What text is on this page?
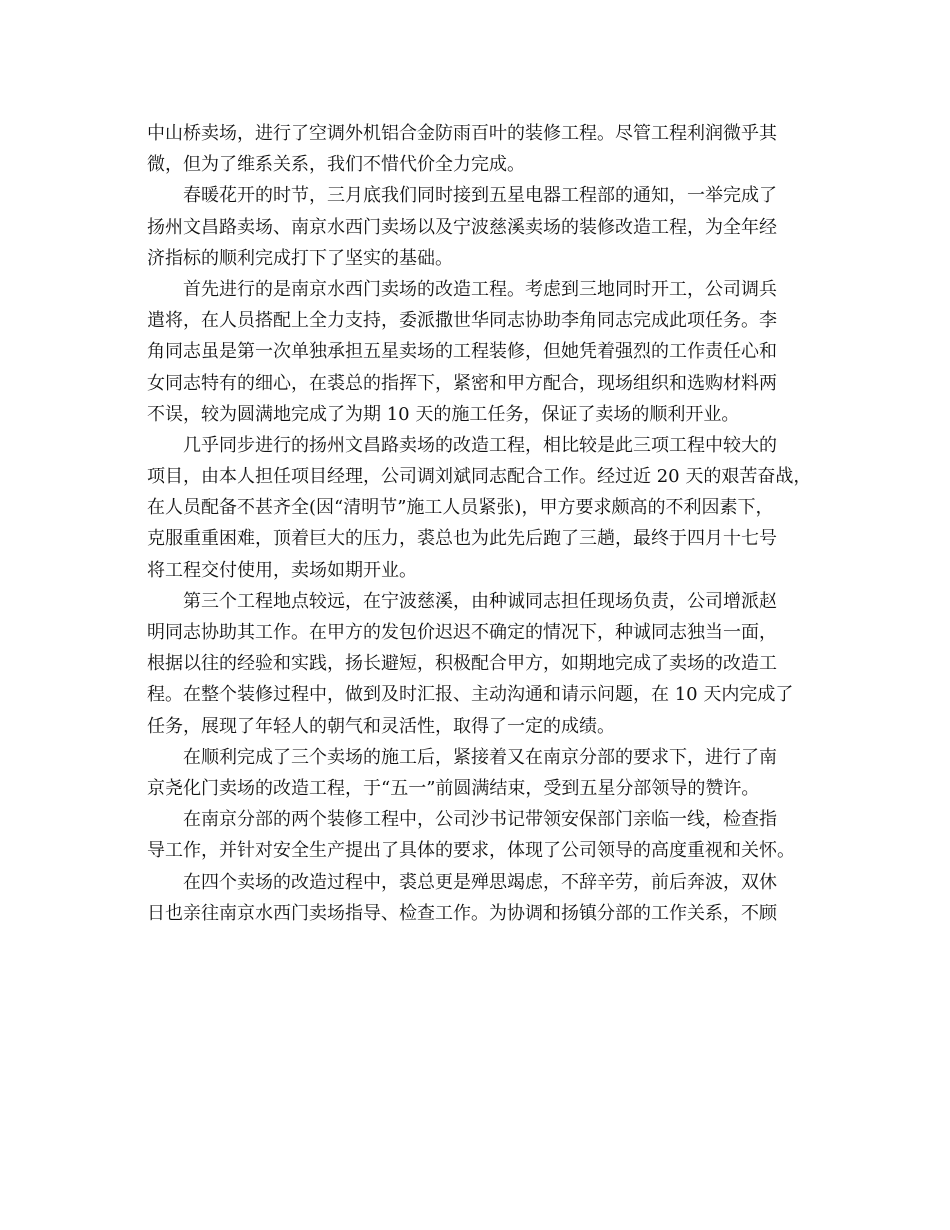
中山桥卖场，进行了空调外机铝合金防雨百叶的装修工程。尽管工程利润微乎其
微，但为了维系关系，我们不惜代价全力完成。
春暖花开的时节，三月底我们同时接到五星电器工程部的通知，一举完成了
扬州文昌路卖场、南京水西门卖场以及宁波慈溪卖场的装修改造工程，为全年经
济指标的顺利完成打下了坚实的基础。
首先进行的是南京水西门卖场的改造工程。考虑到三地同时开工，公司调兵
遣将，在人员搭配上全力支持，委派撒世华同志协助李角同志完成此项任务。李
角同志虽是第一次单独承担五星卖场的工程装修，但她凭着强烈的工作责任心和
女同志特有的细心，在裘总的指挥下，紧密和甲方配合，现场组织和选购材料两
不误，较为圆满地完成了为期 10 天的施工任务，保证了卖场的顺利开业。
几乎同步进行的扬州文昌路卖场的改造工程，相比较是此三项工程中较大的
项目，由本人担任项目经理，公司调刘斌同志配合工作。经过近 20 天的艰苦奋战，
在人员配备不甚齐全(因“清明节”施工人员紧张)，甲方要求颇高的不利因素下，
克服重重困难，顶着巨大的压力，裘总也为此先后跑了三趟，最终于四月十七号
将工程交付使用，卖场如期开业。
第三个工程地点较远，在宁波慈溪，由种诚同志担任现场负责，公司增派赵
明同志协助其工作。在甲方的发包价迟迟不确定的情况下，种诚同志独当一面，
根据以往的经验和实践，扬长避短，积极配合甲方，如期地完成了卖场的改造工
程。在整个装修过程中，做到及时汇报、主动沟通和请示问题，在 10 天内完成了
任务，展现了年轻人的朝气和灵活性，取得了一定的成绩。
在顺利完成了三个卖场的施工后，紧接着又在南京分部的要求下，进行了南
京尧化门卖场的改造工程，于“五一”前圆满结束，受到五星分部领导的赞许。
在南京分部的两个装修工程中，公司沙书记带领安保部门亲临一线，检查指
导工作，并针对安全生产提出了具体的要求，体现了公司领导的高度重视和关怀。
在四个卖场的改造过程中，裘总更是殚思竭虑，不辞辛劳，前后奔波，双休
日也亲往南京水西门卖场指导、检查工作。为协调和扬镇分部的工作关系，不顾
